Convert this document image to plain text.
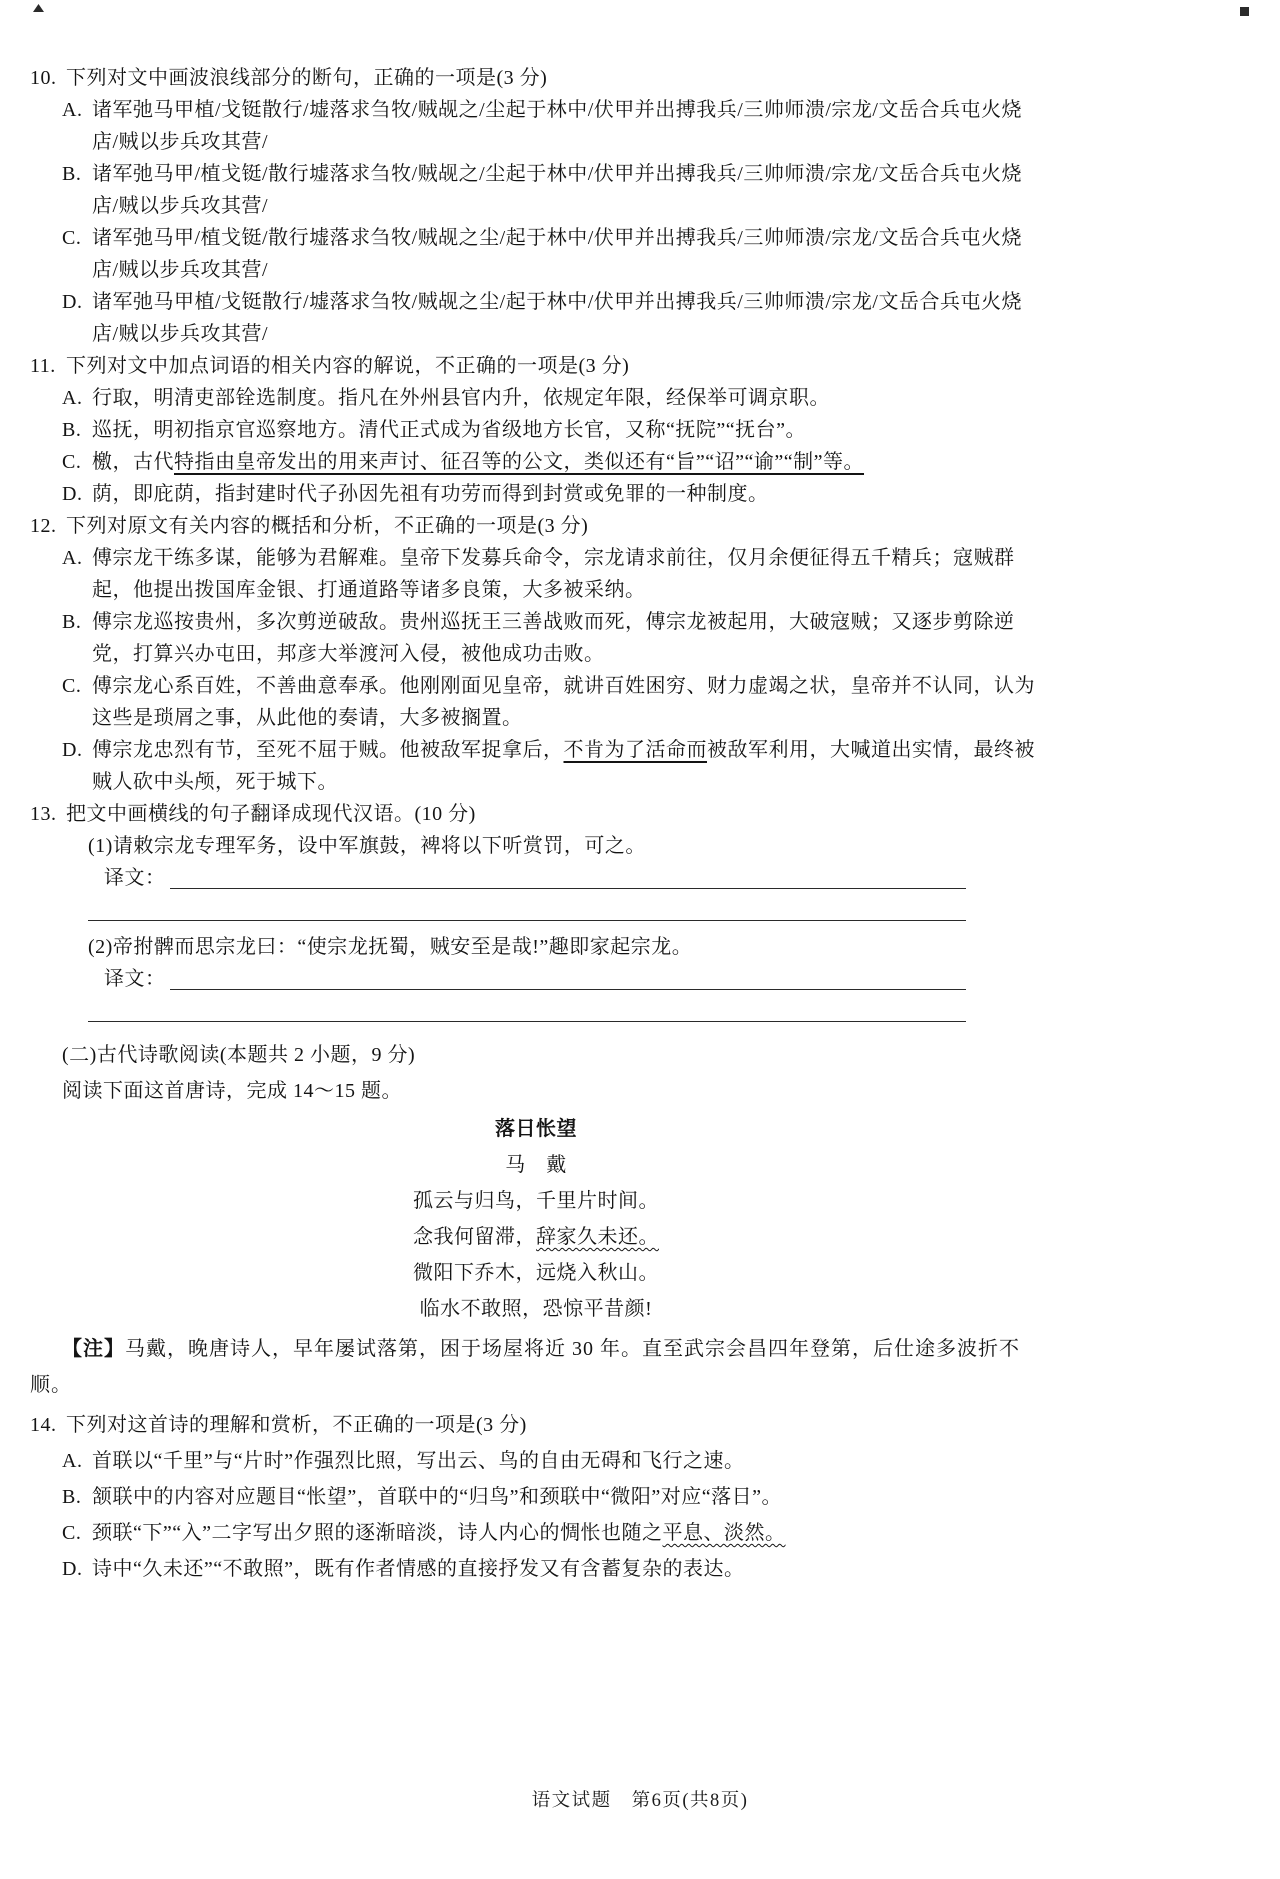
10. 下列对文中画波浪线部分的断句，正确的一项是(3 分)
A. 诸军弛马甲植/戈铤散行/墟落求刍牧/贼觇之/尘起于林中/伏甲并出搏我兵/三帅师溃/宗龙/文岳合兵屯火烧店/贼以步兵攻其营/
B. 诸军弛马甲/植戈铤/散行墟落求刍牧/贼觇之/尘起于林中/伏甲并出搏我兵/三帅师溃/宗龙/文岳合兵屯火烧店/贼以步兵攻其营/
C. 诸军弛马甲/植戈铤/散行墟落求刍牧/贼觇之尘/起于林中/伏甲并出搏我兵/三帅师溃/宗龙/文岳合兵屯火烧店/贼以步兵攻其营/
D. 诸军弛马甲植/戈铤散行/墟落求刍牧/贼觇之尘/起于林中/伏甲并出搏我兵/三帅师溃/宗龙/文岳合兵屯火烧店/贼以步兵攻其营/
11. 下列对文中加点词语的相关内容的解说，不正确的一项是(3 分)
A. 行取，明清吏部铨选制度。指凡在外州县官内升，依规定年限，经保举可调京职。
B. 巡抚，明初指京官巡察地方。清代正式成为省级地方长官，又称“抚院”“抚台”。
C. 檄，古代特指由皇帝发出的用来声讨、征召等的公文，类似还有“旨”“诏”“谕”“制”等。
D. 荫，即庇荫，指封建时代子孙因先祖有功劳而得到封赏或免罪的一种制度。
12. 下列对原文有关内容的概括和分析，不正确的一项是(3 分)
A. 傅宗龙干练多谋，能够为君解难。皇帝下发募兵命令，宗龙请求前往，仅月余便征得五千精兵；寇贼群起，他提出拨国库金银、打通道路等诸多良策，大多被采纳。
B. 傅宗龙巡按贵州，多次剪逆破敌。贵州巡抚王三善战败而死，傅宗龙被起用，大破寇贼；又逐步剪除逆党，打算兴办屯田，邦彦大举渡河入侵，被他成功击败。
C. 傅宗龙心系百姓，不善曲意奉承。他刚刚面见皇帝，就讲百姓困穷、财力虚竭之状，皇帝并不认同，认为这些是琐屑之事，从此他的奏请，大多被搁置。
D. 傅宗龙忠烈有节，至死不屈于贼。他被敌军捉拿后，不肯为了活命而被敌军利用，大喊道出实情，最终被贼人砍中头颅，死于城下。
13. 把文中画横线的句子翻译成现代汉语。(10 分)
(1)请敕宗龙专理军务，设中军旗鼓，裨将以下听赏罚，可之。
译文：
(2)帝拊髀而思宗龙曰：“使宗龙抚蜀，贼安至是哉!”趣即家起宗龙。
译文：
(二)古代诗歌阅读(本题共 2 小题，9 分)
阅读下面这首唐诗，完成 14～15 题。
落日怅望
马　戴
孤云与归鸟，千里片时间。
念我何留滞，辞家久未还。
微阳下乔木，远烧入秋山。
临水不敢照，恐惊平昔颜!
【注】马戴，晚唐诗人，早年屡试落第，困于场屋将近 30 年。直至武宗会昌四年登第，后仕途多波折不顺。
14. 下列对这首诗的理解和赏析，不正确的一项是(3 分)
A. 首联以“千里”与“片时”作强烈比照，写出云、鸟的自由无碍和飞行之速。
B. 颔联中的内容对应题目“怅望”，首联中的“归鸟”和颈联中“微阳”对应“落日”。
C. 颈联“下”“入”二字写出夕照的逐渐暗淡，诗人内心的惆怅也随之平息、淡然。
D. 诗中“久未还”“不敢照”，既有作者情感的直接抒发又有含蓄复杂的表达。
语文试题　第6页(共8页)
